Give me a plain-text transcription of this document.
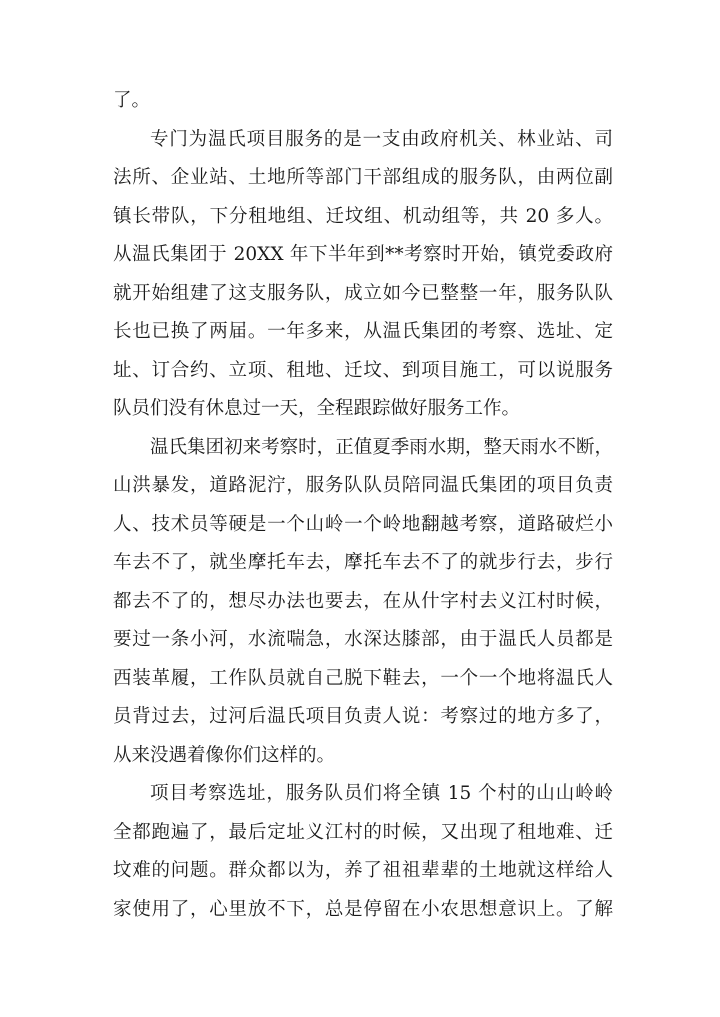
了。
专门为温氏项目服务的是一支由政府机关、林业站、司
法所、企业站、土地所等部门干部组成的服务队，由两位副
镇长带队，下分租地组、迁坟组、机动组等，共 20 多人。
从温氏集团于 20XX 年下半年到**考察时开始，镇党委政府
就开始组建了这支服务队，成立如今已整整一年，服务队队
长也已换了两届。一年多来，从温氏集团的考察、选址、定
址、订合约、立项、租地、迁坟、到项目施工，可以说服务
队员们没有休息过一天，全程跟踪做好服务工作。
温氏集团初来考察时，正值夏季雨水期，整天雨水不断，
山洪暴发，道路泥泞，服务队队员陪同温氏集团的项目负责
人、技术员等硬是一个山岭一个岭地翻越考察，道路破烂小
车去不了，就坐摩托车去，摩托车去不了的就步行去，步行
都去不了的，想尽办法也要去，在从什字村去义江村时候，
要过一条小河，水流喘急，水深达膝部，由于温氏人员都是
西装革履，工作队员就自己脱下鞋去，一个一个地将温氏人
员背过去，过河后温氏项目负责人说：考察过的地方多了，
从来没遇着像你们这样的。
项目考察选址，服务队员们将全镇 15 个村的山山岭岭
全都跑遍了，最后定址义江村的时候，又出现了租地难、迁
坟难的问题。群众都以为，养了祖祖辈辈的土地就这样给人
家使用了，心里放不下，总是停留在小农思想意识上。了解
